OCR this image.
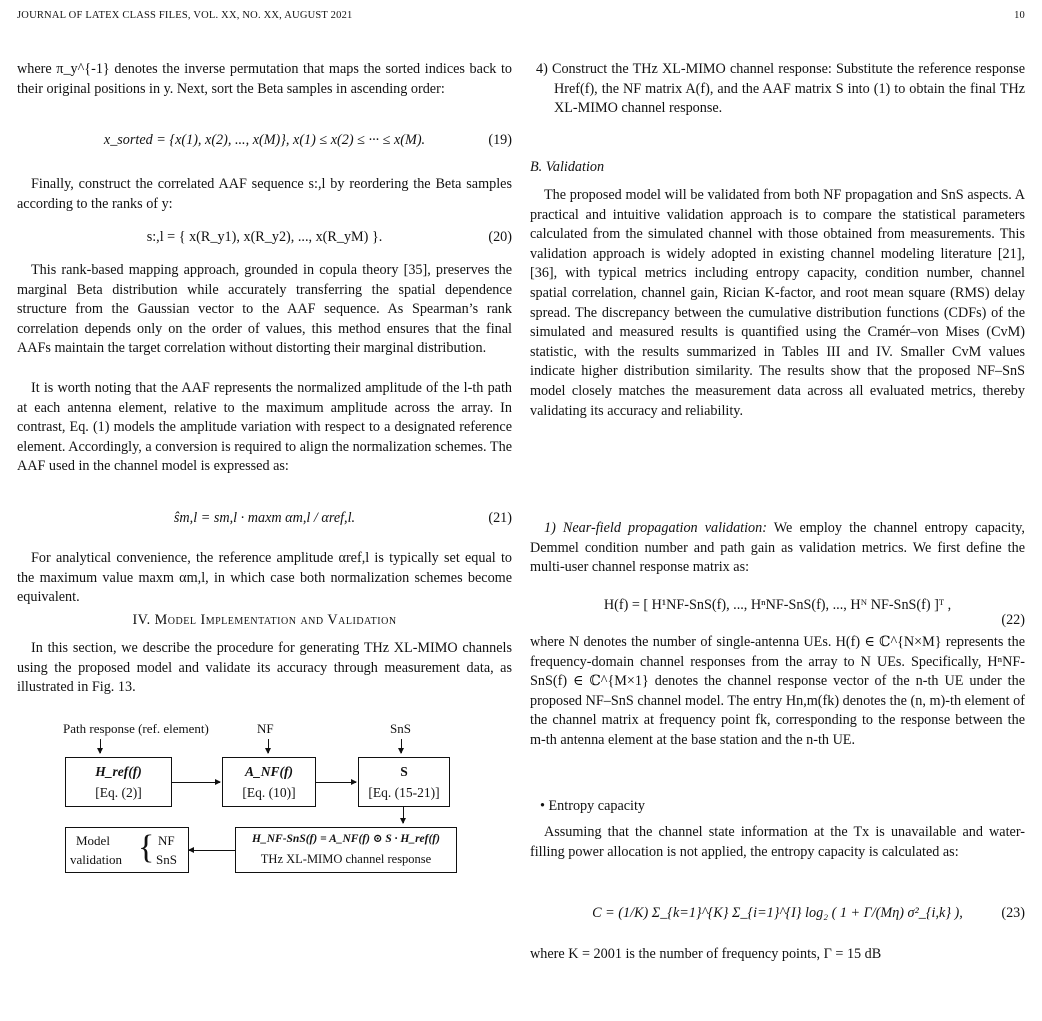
JOURNAL OF LATEX CLASS FILES, VOL. XX, NO. XX, AUGUST 2021	10

where π_y^{-1} denotes the inverse permutation that maps the sorted indices back to their original positions in y. Next, sort the Beta samples in ascending order:

x_sorted = {x(1), x(2), ..., x(M)}, x(1) ≤ x(2) ≤ ··· ≤ x(M).	(19)

Finally, construct the correlated AAF sequence s:,l by reordering the Beta samples according to the ranks of y:

s:,l = { x(R_y1), x(R_y2), ..., x(R_yM) }.	(20)

This rank-based mapping approach, grounded in copula theory [35], preserves the marginal Beta distribution while accurately transferring the spatial dependence structure from the Gaussian vector to the AAF sequence. As Spearman’s rank correlation depends only on the order of values, this method ensures that the final AAFs maintain the target correlation without distorting their marginal distribution.

It is worth noting that the AAF represents the normalized amplitude of the l-th path at each antenna element, relative to the maximum amplitude across the array. In contrast, Eq. (1) models the amplitude variation with respect to a designated reference element. Accordingly, a conversion is required to align the normalization schemes. The AAF used in the channel model is expressed as:

ŝm,l = sm,l · maxm αm,l / αref,l.	(21)

For analytical convenience, the reference amplitude αref,l is typically set equal to the maximum value maxm αm,l, in which case both normalization schemes become equivalent.

IV. Model Implementation and Validation

In this section, we describe the procedure for generating THz XL-MIMO channels using the proposed model and validate its accuracy through measurement data, as illustrated in Fig. 13.

Path response (ref. element)	NF	SnS
H_ref(f)
[Eq. (2)]
A_NF(f)
[Eq. (10)]
S
[Eq. (15-21)]
H_NF-SnS(f) = A_NF(f) ⊙ S · H_ref(f)
THz XL-MIMO channel response
Model
validation { NF
SnS

4) Construct the THz XL-MIMO channel response: Substitute the reference response Href(f), the NF matrix A(f), and the AAF matrix S into (1) to obtain the final THz XL-MIMO channel response.

B. Validation

The proposed model will be validated from both NF propagation and SnS aspects. A practical and intuitive validation approach is to compare the statistical parameters calculated from the simulated channel with those obtained from measurements. This validation approach is widely adopted in existing channel modeling literature [21], [36], with typical metrics including entropy capacity, condition number, channel spatial correlation, channel gain, Rician K-factor, and root mean square (RMS) delay spread. The discrepancy between the cumulative distribution functions (CDFs) of the simulated and measured results is quantified using the Cramér–von Mises (CvM) statistic, with the results summarized in Tables III and IV. Smaller CvM values indicate higher distribution similarity. The results show that the proposed NF–SnS model closely matches the measurement data across all evaluated metrics, thereby validating its accuracy and reliability.

1) Near-field propagation validation: We employ the channel entropy capacity, Demmel condition number and path gain as validation metrics. We first define the multi-user channel response matrix as:

H(f) = [ H¹NF-SnS(f), ..., HⁿNF-SnS(f), ..., Hᴺ NF-SnS(f) ]ᵀ ,
(22)

where N denotes the number of single-antenna UEs. H(f) ∈ ℂ^{N×M} represents the frequency-domain channel responses from the array to N UEs. Specifically, HⁿNF-SnS(f) ∈ ℂ^{M×1} denotes the channel response vector of the n-th UE under the proposed NF–SnS channel model. The entry Hn,m(fk) denotes the (n, m)-th element of the channel matrix at frequency point fk, corresponding to the response between the m-th antenna element at the base station and the n-th UE.

• Entropy capacity

Assuming that the channel state information at the Tx is unavailable and water-filling power allocation is not applied, the entropy capacity is calculated as:

C = (1/K) Σ_{k=1}^{K} Σ_{i=1}^{I} log₂ ( 1 + Γ/(Mη) σ²_{i,k} ),	(23)

where K = 2001 is the number of frequency points, Γ = 15 dB
